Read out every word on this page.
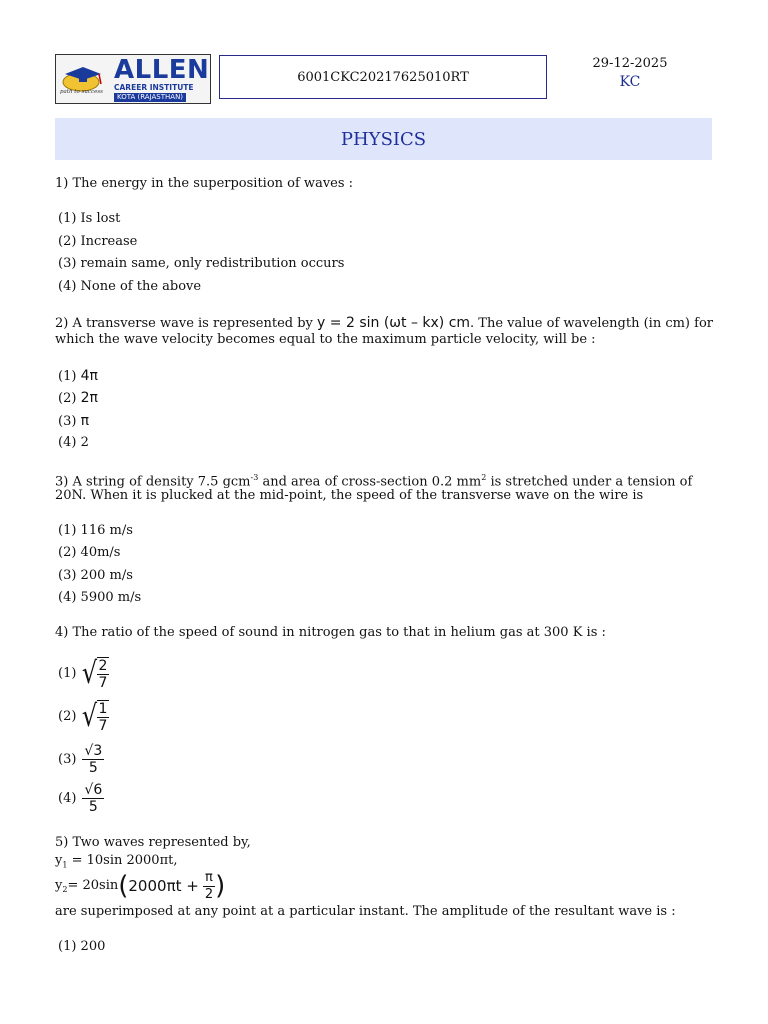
path to success
ALLEN
CAREER INSTITUTE
KOTA (RAJASTHAN)
6001CKC20217625010RT
29-12-2025
KC
PHYSICS
1) The energy in the superposition of waves :
(1) Is lost
(2) Increase
(3) remain same, only redistribution occurs
(4) None of the above
2) A transverse wave is represented by y = 2 sin (ωt – kx) cm. The value of wavelength (in cm) for
which the wave velocity becomes equal to the maximum particle velocity, will be :
(1) 4π
(2) 2π
(3) π
(4) 2
3) A string of density 7.5 gcm$^{-3}$ and area of cross-section 0.2 $mm^2$ is stretched under a tension of
20N. When it is plucked at the mid-point, the speed of the transverse wave on the wire is
(1) 116 m/s
(2) 40m/s
(3) 200 m/s
(4) 5900 m/s
4) The ratio of the speed of sound in nitrogen gas to that in helium gas at 300 K is :
(1) √
$\frac{2}{7}$
(2) √
$\frac{1}{7}$
$(3) \frac{√3}{5}$
$(4) \frac{√6}{5}$
5) Two waves represented by,
$y_1 = 10\sin$ 2000πt,
$y_2 = 20\sin$ ( $2000\pi t + \frac{\pi}{2}$ )
are superimposed at any point at a particular instant. The amplitude of the resultant wave is :
(1) 200
